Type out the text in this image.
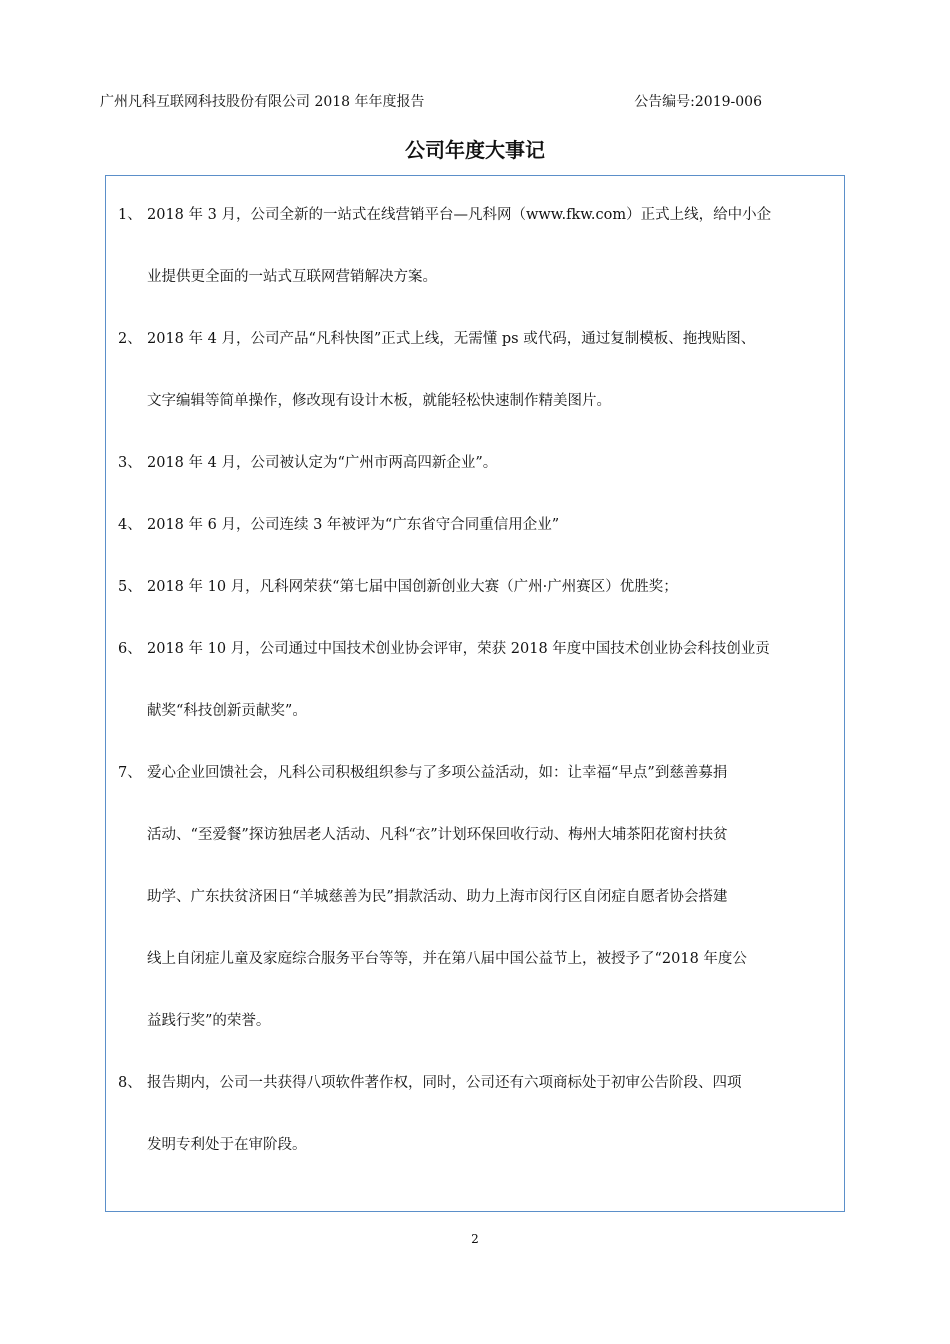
广州凡科互联网科技股份有限公司 2018 年年度报告	公告编号:2019-006
公司年度大事记
1、 2018 年 3 月，公司全新的一站式在线营销平台—凡科网（www.fkw.com）正式上线，给中小企
业提供更全面的一站式互联网营销解决方案。
2、 2018 年 4 月，公司产品“凡科快图”正式上线，无需懂 ps 或代码，通过复制模板、拖拽贴图、
文字编辑等简单操作，修改现有设计木板，就能轻松快速制作精美图片。
3、 2018 年 4 月，公司被认定为“广州市两高四新企业”。
4、 2018 年 6 月，公司连续 3 年被评为“广东省守合同重信用企业”
5、 2018 年 10 月，凡科网荣获“第七届中国创新创业大赛（广州·广州赛区）优胜奖；
6、 2018 年 10 月，公司通过中国技术创业协会评审，荣获 2018 年度中国技术创业协会科技创业贡
献奖“科技创新贡献奖”。
7、 爱心企业回馈社会，凡科公司积极组织参与了多项公益活动，如：让幸福“早点”到慈善募捐
活动、“至爱餐”探访独居老人活动、凡科“衣”计划环保回收行动、梅州大埔茶阳花窗村扶贫
助学、广东扶贫济困日“羊城慈善为民”捐款活动、助力上海市闵行区自闭症自愿者协会搭建
线上自闭症儿童及家庭综合服务平台等等，并在第八届中国公益节上，被授予了“2018 年度公
益践行奖”的荣誉。
8、 报告期内，公司一共获得八项软件著作权，同时，公司还有六项商标处于初审公告阶段、四项
发明专利处于在审阶段。
2
